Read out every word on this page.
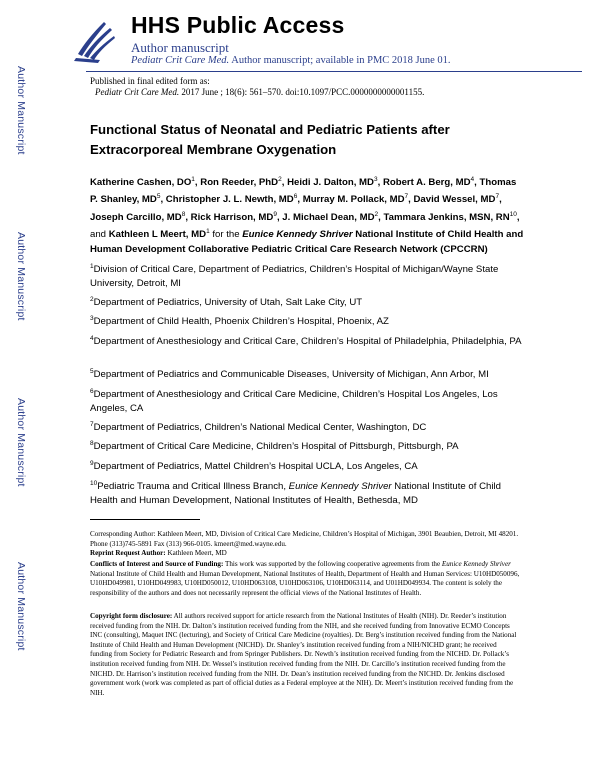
HHS Public Access
Author manuscript
Pediatr Crit Care Med. Author manuscript; available in PMC 2018 June 01.
Published in final edited form as:
Pediatr Crit Care Med. 2017 June ; 18(6): 561–570. doi:10.1097/PCC.0000000000001155.
Author Manuscript
Author Manuscript
Author Manuscript
Author Manuscript
Functional Status of Neonatal and Pediatric Patients after
Extracorporeal Membrane Oxygenation
Katherine Cashen, $DO^1$, Ron Reeder, PhD$^2$, Heidi J. Dalton, $MD^3$, Robert A. Berg, $MD^4$, Thomas P. Shanley, $MD^5$, Christopher J. L. Newth, $MD^6$, Murray M. Pollack, $MD^7$, David Wessel, $MD^7$, Joseph Carcillo, $MD^8$, Rick Harrison, $MD^9$, J. Michael Dean, $MD^2$, Tammara Jenkins, MSN, RN$^{10}$, and Kathleen L Meert, $MD^1$ for the Eunice Kennedy Shriver National Institute of Child Health and Human Development Collaborative Pediatric Critical Care Research Network (CPCCRN)
$^1$Division of Critical Care, Department of Pediatrics, Children’s Hospital of Michigan/Wayne State University, Detroit, MI
$^2$Department of Pediatrics, University of Utah, Salt Lake City, UT
$^3$Department of Child Health, Phoenix Children’s Hospital, Phoenix, AZ
$^4$Department of Anesthesiology and Critical Care, Children’s Hospital of Philadelphia, Philadelphia, PA
$^5$Department of Pediatrics and Communicable Diseases, University of Michigan, Ann Arbor, MI
$^6$Department of Anesthesiology and Critical Care Medicine, Children’s Hospital Los Angeles, Los Angeles, CA
$^7$Department of Pediatrics, Children’s National Medical Center, Washington, DC
$^8$Department of Critical Care Medicine, Children’s Hospital of Pittsburgh, Pittsburgh, PA
$^9$Department of Pediatrics, Mattel Children’s Hospital UCLA, Los Angeles, CA
$^{10}$Pediatric Trauma and Critical Illness Branch, Eunice Kennedy Shriver National Institute of Child Health and Human Development, National Institutes of Health, Bethesda, MD
Corresponding Author: Kathleen Meert, MD, Division of Critical Care Medicine, Children’s Hospital of Michigan, 3901 Beaubien, Detroit, MI 48201. Phone (313)745-5891 Fax (313) 966-0105. kmeert@med.wayne.edu.
Reprint Request Author: Kathleen Meert, MD
Conflicts of Interest and Source of Funding: This work was supported by the following cooperative agreements from the Eunice Kennedy Shriver National Institute of Child Health and Human Development, National Institutes of Health, Department of Health and Human Services: U10HD050096, U10HD049981, U10HD049983, U10HD050012, U10HD063108, U10HD063106, U10HD063114, and U01HD049934. The content is solely the responsibility of the authors and does not necessarily represent the official views of the National Institutes of Health.
Copyright form disclosure: All authors received support for article research from the National Institutes of Health (NIH). Dr. Reeder’s institution received funding from the NIH. Dr. Dalton’s institution received funding from the NIH, and she received funding from Innovative ECMO Concepts INC (consulting), Maquet INC (lecturing), and Society of Critical Care Medicine (royalties). Dr. Berg’s institution received funding from the National Institute of Child Health and Human Development (NICHD). Dr. Shanley’s institution received funding from a NIH/NICHD grant; he received funding from Society for Pediatric Research and from Springer Publishers. Dr. Newth’s institution received funding from the NICHD. Dr. Pollack’s institution received funding from NIH. Dr. Wessel’s institution received funding from the NIH. Dr. Carcillo’s institution received funding from the NICHD. Dr. Harrison’s institution received funding from the NIH. Dr. Dean’s institution received funding from the NICHD. Dr. Jenkins disclosed government work (work was completed as part of official duties as a Federal employee at the NIH). Dr. Meert’s institution received funding from the NIH.
